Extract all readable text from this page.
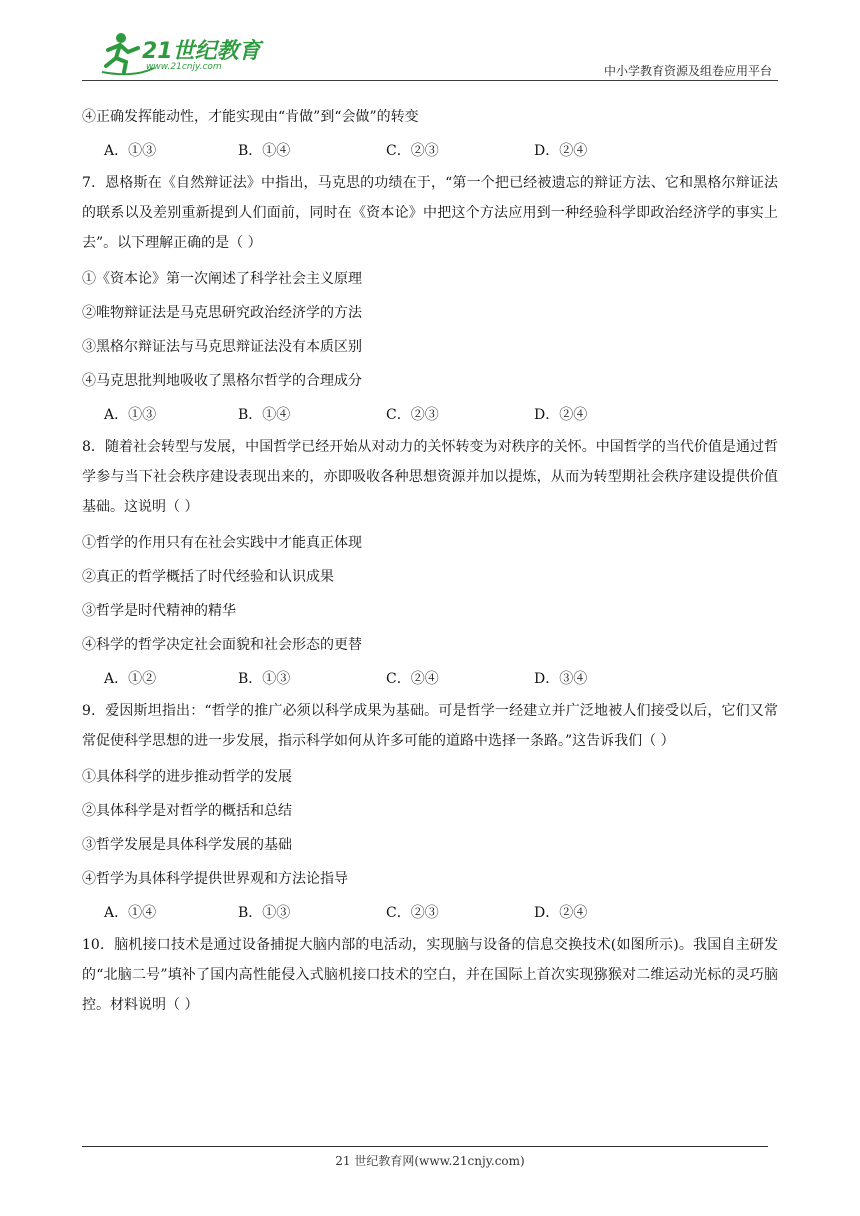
21世纪教育
www.21cnjy.com	中小学教育资源及组卷应用平台
④正确发挥能动性，才能实现由“肯做”到“会做”的转变
A．①③	B．①④	C．②③	D．②④
7．恩格斯在《自然辩证法》中指出，马克思的功绩在于，“第一个把已经被遗忘的辩证方法、它和黑格尔辩证法的联系以及差别重新提到人们面前，同时在《资本论》中把这个方法应用到一种经验科学即政治经济学的事实上去”。以下理解正确的是（ ）
①《资本论》第一次阐述了科学社会主义原理
②唯物辩证法是马克思研究政治经济学的方法
③黑格尔辩证法与马克思辩证法没有本质区别
④马克思批判地吸收了黑格尔哲学的合理成分
A．①③	B．①④	C．②③	D．②④
8．随着社会转型与发展，中国哲学已经开始从对动力的关怀转变为对秩序的关怀。中国哲学的当代价值是通过哲学参与当下社会秩序建设表现出来的，亦即吸收各种思想资源并加以提炼，从而为转型期社会秩序建设提供价值基础。这说明（ ）
①哲学的作用只有在社会实践中才能真正体现
②真正的哲学概括了时代经验和认识成果
③哲学是时代精神的精华
④科学的哲学决定社会面貌和社会形态的更替
A．①②	B．①③	C．②④	D．③④
9．爱因斯坦指出：“哲学的推广必须以科学成果为基础。可是哲学一经建立并广泛地被人们接受以后，它们又常常促使科学思想的进一步发展，指示科学如何从许多可能的道路中选择一条路。”这告诉我们（ ）
①具体科学的进步推动哲学的发展
②具体科学是对哲学的概括和总结
③哲学发展是具体科学发展的基础
④哲学为具体科学提供世界观和方法论指导
A．①④	B．①③	C．②③	D．②④
10．脑机接口技术是通过设备捕捉大脑内部的电活动，实现脑与设备的信息交换技术(如图所示)。我国自主研发的“北脑二号”填补了国内高性能侵入式脑机接口技术的空白，并在国际上首次实现猕猴对二维运动光标的灵巧脑控。材料说明（ ）
21 世纪教育网(www.21cnjy.com)
